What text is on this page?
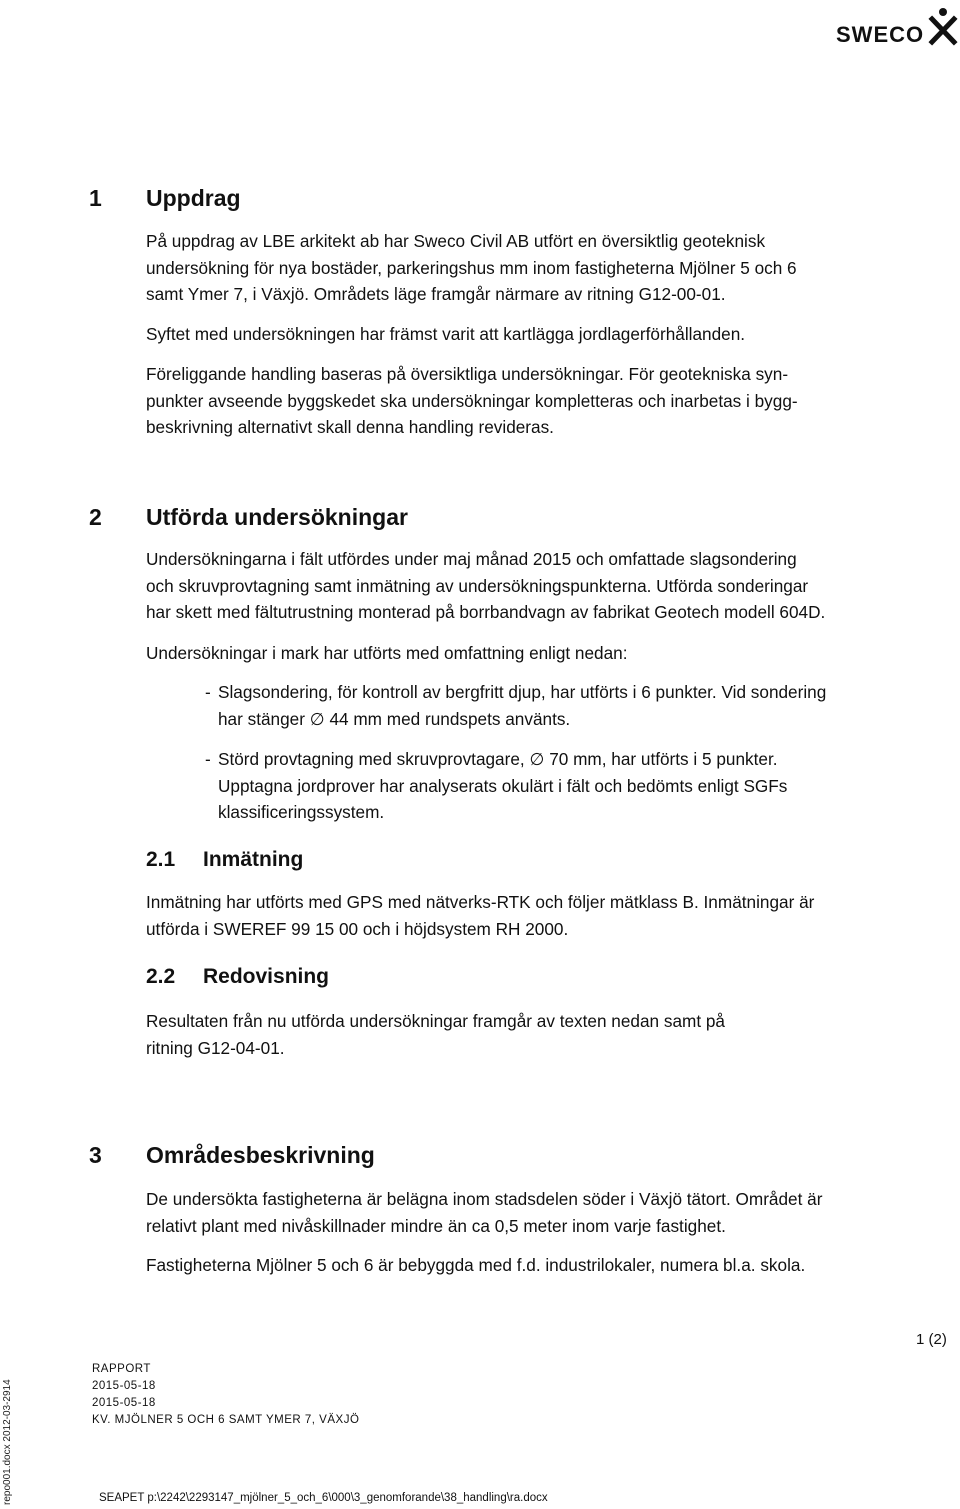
SWECO
1 Uppdrag

På uppdrag av LBE arkitekt ab har Sweco Civil AB utfört en översiktlig geoteknisk

undersökning för nya bostäder, parkeringshus mm inom fastigheterna Mjölner 5 och 6

samt Ymer 7, i Växjö. Områdets läge framgår närmare av ritning G12-00-01.

Syftet med undersökningen har främst varit att kartlägga jordlagerförhållanden.

Föreliggande handling baseras på översiktliga undersökningar. För geotekniska syn-

punkter avseende byggskedet ska undersökningar kompletteras och inarbetas i bygg-

beskrivning alternativt skall denna handling revideras.

2 Utförda undersökningar

Undersökningarna i fält utfördes under maj månad 2015 och omfattade slagsondering

och skruvprovtagning samt inmätning av undersökningspunkterna. Utförda sonderingar

har skett med fältutrustning monterad på borrbandvagn av fabrikat Geotech modell 604D.

Undersökningar i mark har utförts med omfattning enligt nedan:

- Slagsondering, för kontroll av bergfritt djup, har utförts i 6 punkter. Vid sondering

har stänger ∅ 44 mm med rundspets använts.

- Störd provtagning med skruvprovtagare, ∅ 70 mm, har utförts i 5 punkter.

Upptagna jordprover har analyserats okulärt i fält och bedömts enligt SGFs

klassificeringssystem.

2.1 Inmätning

Inmätning har utförts med GPS med nätverks-RTK och följer mätklass B. Inmätningar är

utförda i SWEREF 99 15 00 och i höjdsystem RH 2000.

2.2 Redovisning

Resultaten från nu utförda undersökningar framgår av texten nedan samt på

ritning G12-04-01.

3 Områdesbeskrivning

De undersökta fastigheterna är belägna inom stadsdelen söder i Växjö tätort. Området är

relativt plant med nivåskillnader mindre än ca 0,5 meter inom varje fastighet.

Fastigheterna Mjölner 5 och 6 är bebyggda med f.d. industrilokaler, numera bl.a. skola.

1 (2)
RAPPORT
2015-05-18
2015-05-18
KV. MJÖLNER 5 OCH 6 SAMT YMER 7, VÄXJÖ
SEAPET p:\2242\2293147_mjölner_5_och_6\000\3_genomforande\38_handling\ra.docx
repo001.docx 2012-03-2914
